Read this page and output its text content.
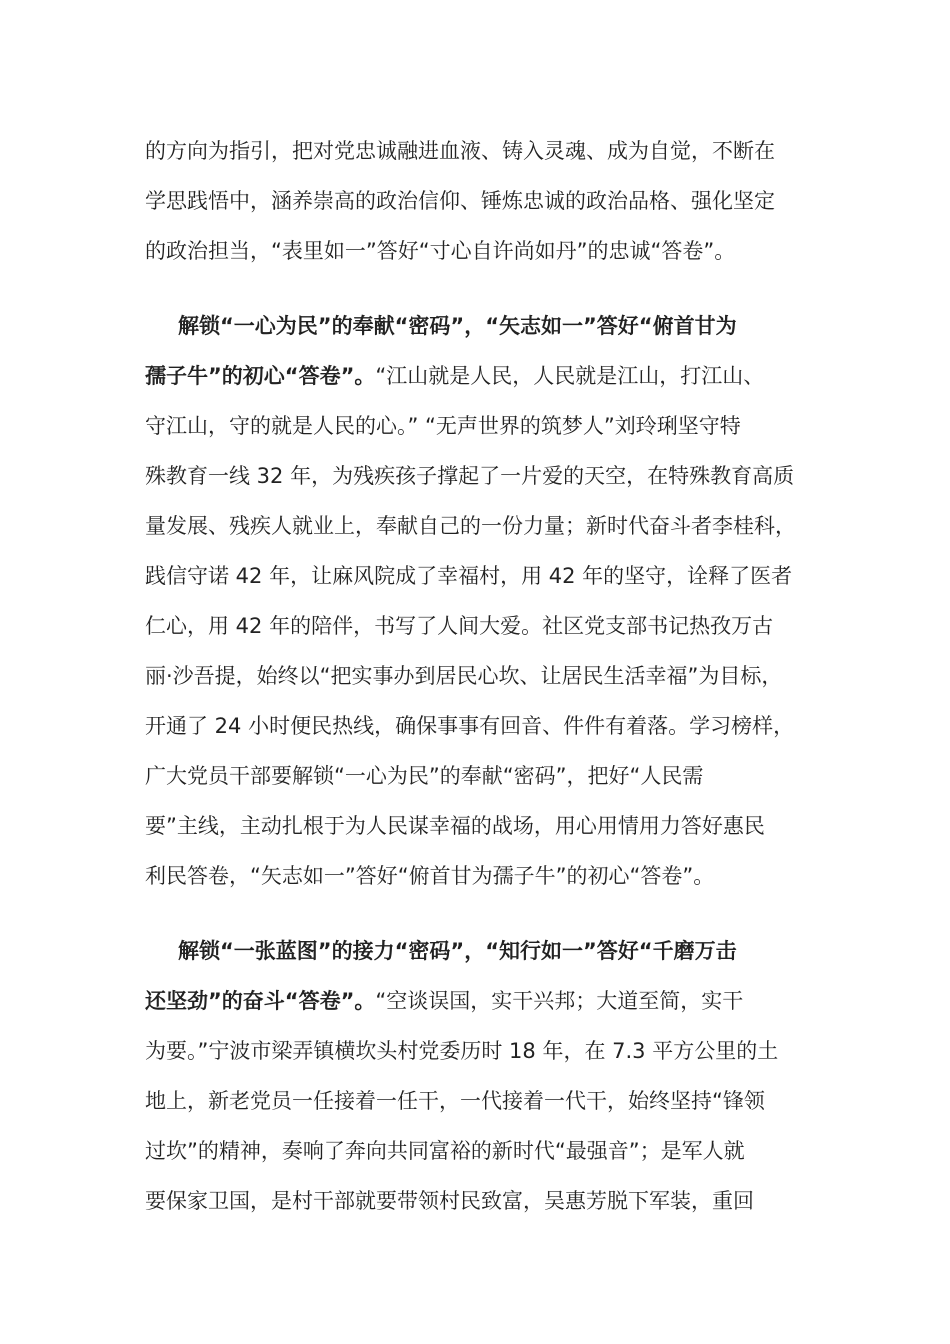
的方向为指引，把对党忠诚融进血液、铸入灵魂、成为自觉，不断在
学思践悟中，涵养崇高的政治信仰、锤炼忠诚的政治品格、强化坚定
的政治担当，“表里如一”答好“寸心自许尚如丹”的忠诚“答卷”。
解锁“一心为民”的奉献“密码”，“矢志如一”答好“俯首甘为
孺子牛”的初心“答卷”。“江山就是人民，人民就是江山，打江山、
守江山，守的就是人民的心。” “无声世界的筑梦人”刘玲琍坚守特
殊教育一线 32 年，为残疾孩子撑起了一片爱的天空，在特殊教育高质
量发展、残疾人就业上，奉献自己的一份力量；新时代奋斗者李桂科，
践信守诺 42 年，让麻风院成了幸福村，用 42 年的坚守，诠释了医者
仁心，用 42 年的陪伴，书写了人间大爱。社区党支部书记热孜万古
丽·沙吾提，始终以“把实事办到居民心坎、让居民生活幸福”为目标，
开通了 24 小时便民热线，确保事事有回音、件件有着落。学习榜样，
广大党员干部要解锁“一心为民”的奉献“密码”，把好“人民需
要”主线，主动扎根于为人民谋幸福的战场，用心用情用力答好惠民
利民答卷，“矢志如一”答好“俯首甘为孺子牛”的初心“答卷”。
解锁“一张蓝图”的接力“密码”，“知行如一”答好“千磨万击
还坚劲”的奋斗“答卷”。“空谈误国，实干兴邦；大道至简，实干
为要。”宁波市梁弄镇横坎头村党委历时 18 年，在 7.3 平方公里的土
地上，新老党员一任接着一任干，一代接着一代干，始终坚持“锋领
过坎”的精神，奏响了奔向共同富裕的新时代“最强音”；是军人就
要保家卫国，是村干部就要带领村民致富，吴惠芳脱下军装，重回
